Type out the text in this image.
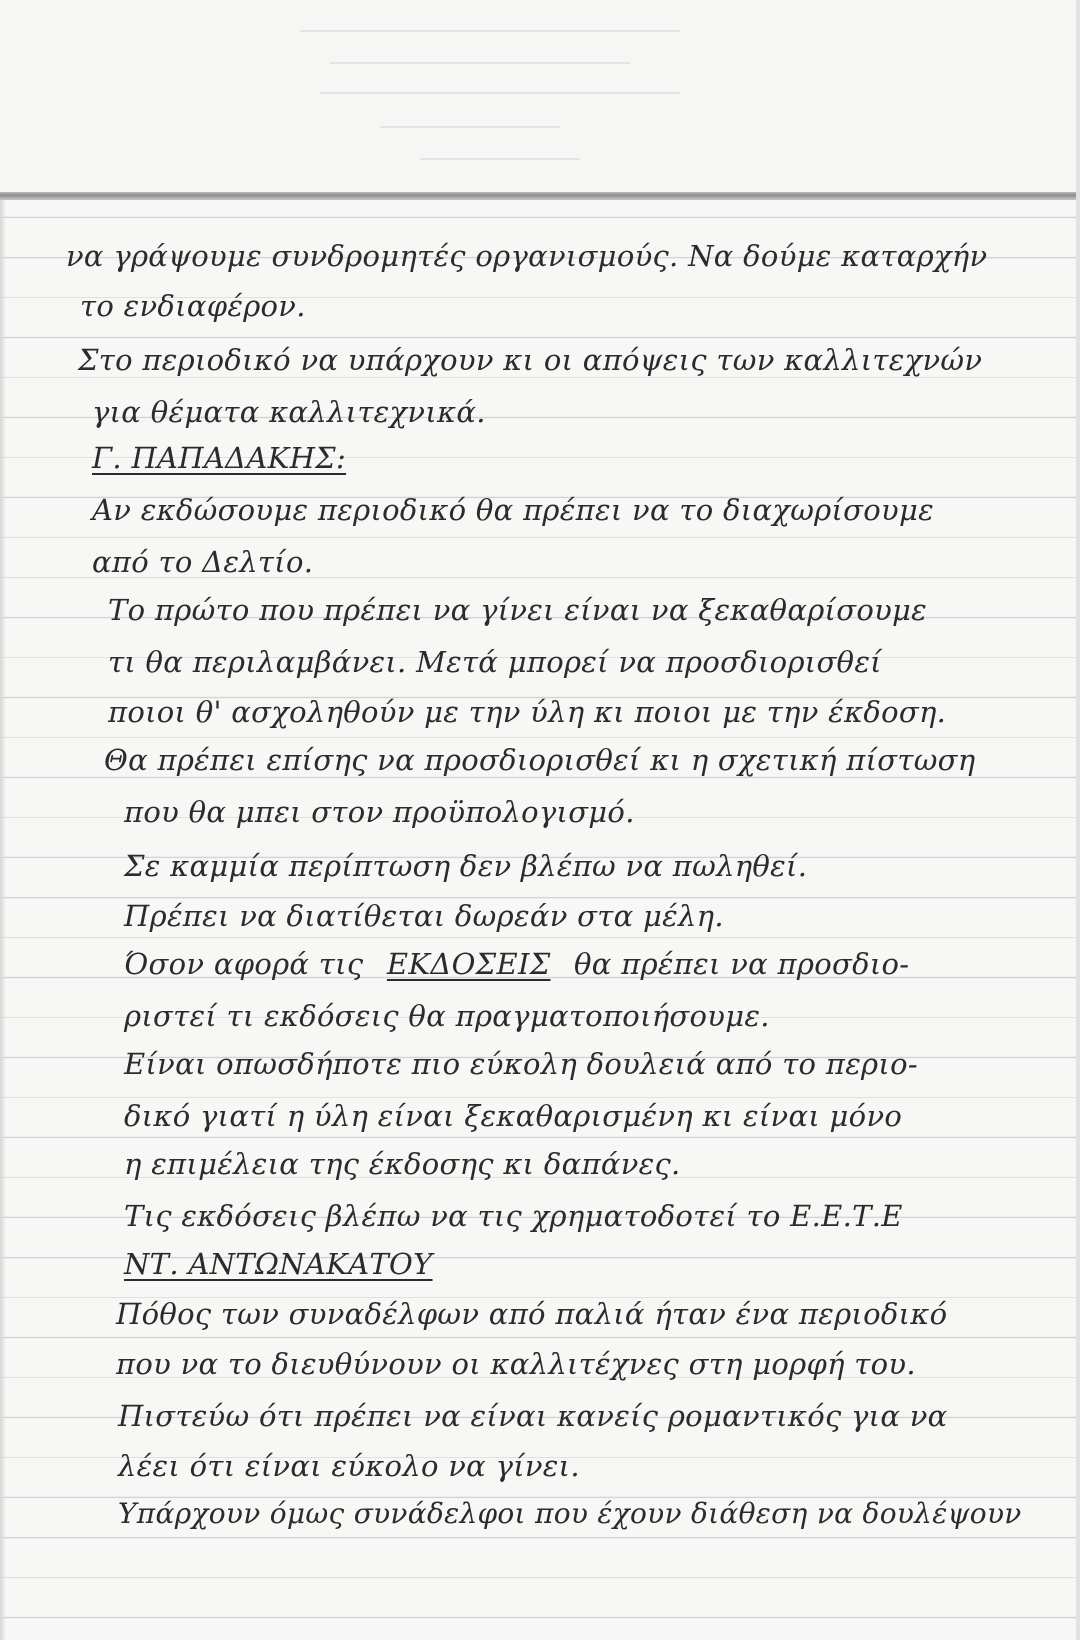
να γράψουμε συνδρομητές οργανισμούς. Να δούμε καταρχήν
το ενδιαφέρον.
Στο περιοδικό να υπάρχουν κι οι απόψεις των καλλιτεχνών
για θέματα καλλιτεχνικά.
Γ. ΠΑΠΑΔΑΚΗΣ:
Αν εκδώσουμε περιοδικό θα πρέπει να το διαχωρίσουμε
από το Δελτίο.
Το πρώτο που πρέπει να γίνει είναι να ξεκαθαρίσουμε
τι θα περιλαμβάνει. Μετά μπορεί να προσδιορισθεί
ποιοι θ' ασχοληθούν με την ύλη κι ποιοι με την έκδοση.
Θα πρέπει επίσης να προσδιορισθεί κι η σχετική πίστωση
που θα μπει στον προϋπολογισμό.
Σε καμμία περίπτωση δεν βλέπω να πωληθεί.
Πρέπει να διατίθεται δωρεάν στα μέλη.
Όσον αφορά τις ΕΚΔΟΣΕΙΣ θα πρέπει να προσδιο-
ριστεί τι εκδόσεις θα πραγματοποιήσουμε.
Είναι οπωσδήποτε πιο εύκολη δουλειά από το περιο-
δικό γιατί η ύλη είναι ξεκαθαρισμένη κι είναι μόνο
η επιμέλεια της έκδοσης κι δαπάνες.
Τις εκδόσεις βλέπω να τις χρηματοδοτεί το Ε.Ε.Τ.Ε
ΝΤ. ΑΝΤΩΝΑΚΑΤΟΥ
Πόθος των συναδέλφων από παλιά ήταν ένα περιοδικό
που να το διευθύνουν οι καλλιτέχνες στη μορφή του.
Πιστεύω ότι πρέπει να είναι κανείς ρομαντικός για να
λέει ότι είναι εύκολο να γίνει.
Υπάρχουν όμως συνάδελφοι που έχουν διάθεση να δουλέψουν
